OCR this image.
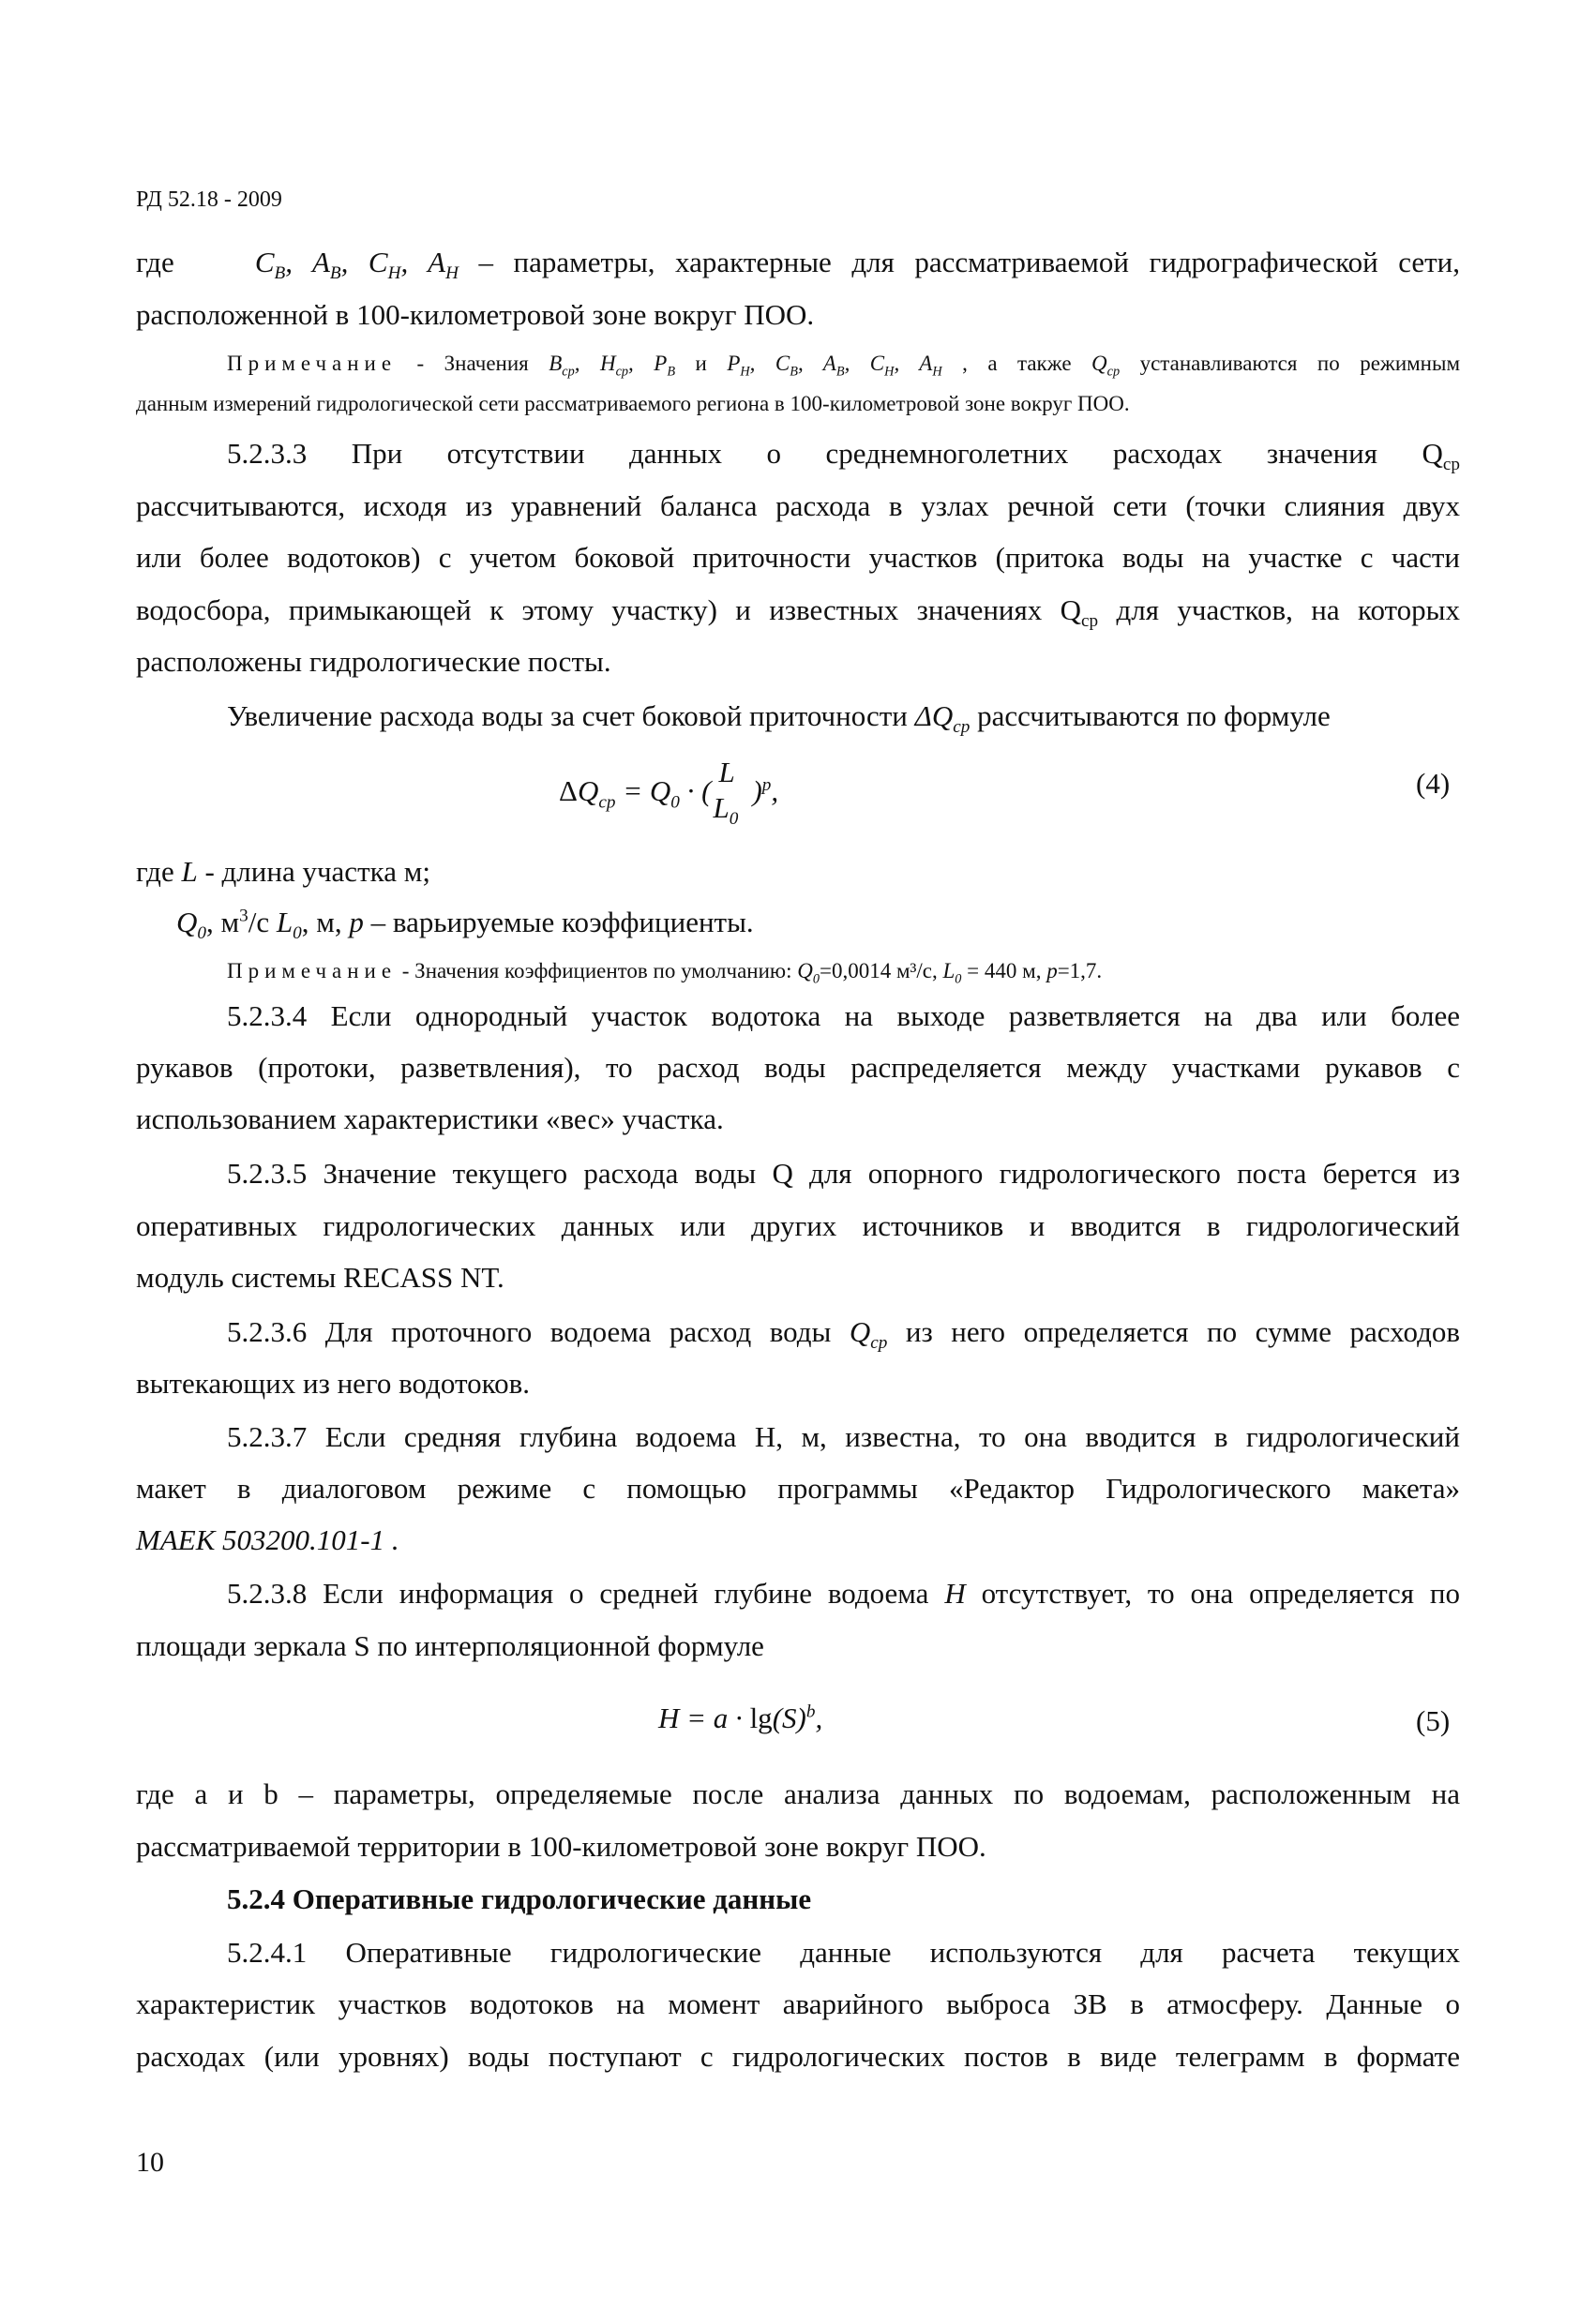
РД 52.18 - 2009
где	$C_B$, $A_B$, $C_H$, $A_H$ – параметры, характерные для рассматриваемой гидрографической сети,
расположенной в 100-километровой зоне вокруг ПОО.
Примечание - Значения $B_{ср}$, $H_{ср}$, $P_B$ и $P_H$, $C_B$, $A_B$, $C_H$, $A_H$ , а также $Q_{ср}$ устанавливаются по режимным
данным измерений гидрологической сети рассматриваемого региона в 100-километровой зоне вокруг ПОО.
5.2.3.3 При отсутствии данных о среднемноголетних расходах значения $Q_{ср}$
рассчитываются, исходя из уравнений баланса расхода в узлах речной сети (точки слияния двух
или более водотоков) с учетом боковой приточности участков (притока воды на участке с части
водосбора, примыкающей к этому участку) и известных значениях $Q_{ср}$ для участков, на которых
расположены гидрологические посты.
Увеличение расхода воды за счет боковой приточности $\Delta Q_{ср}$ рассчитываются по формуле
$\Delta Q_{ср} = Q_0$ · (
L
$L_0$
)$^p$,	(4)
где L - длина участка м;
$Q_0$, $м^3/с$ $L_0$, м, p – варьируемые коэффициенты.
Примечание - Значения коэффициентов по умолчанию: $Q_0=0,0014$ м³/с, $L_0 = 440$ м, p=1,7.
5.2.3.4 Если однородный участок водотока на выходе разветвляется на два или более
рукавов (протоки, разветвления), то расход воды распределяется между участками рукавов с
использованием характеристики «вес» участка.
5.2.3.5 Значение текущего расхода воды Q для опорного гидрологического поста берется из
оперативных гидрологических данных или других источников и вводится в гидрологический
модуль системы RECASS NT.
5.2.3.6 Для проточного водоема расход воды $Q_{ср}$ из него определяется по сумме расходов
вытекающих из него водотоков.
5.2.3.7 Если средняя глубина водоема Н, м, известна, то она вводится в гидрологический
макет в диалоговом режиме с помощью программы «Редактор Гидрологического макета»
МАЕК 503200.101-1 .
5.2.3.8 Если информация о средней глубине водоема H отсутствует, то она определяется по
площади зеркала S по интерполяционной формуле
$H = a \cdot \lg(S)^b$,	(5)
где a и b – параметры, определяемые после анализа данных по водоемам, расположенным на
рассматриваемой территории в 100-километровой зоне вокруг ПОО.
5.2.4 Оперативные гидрологические данные
5.2.4.1 Оперативные гидрологические данные используются для расчета текущих
характеристик участков водотоков на момент аварийного выброса ЗВ в атмосферу. Данные о
расходах (или уровнях) воды поступают с гидрологических постов в виде телеграмм в формате
10
